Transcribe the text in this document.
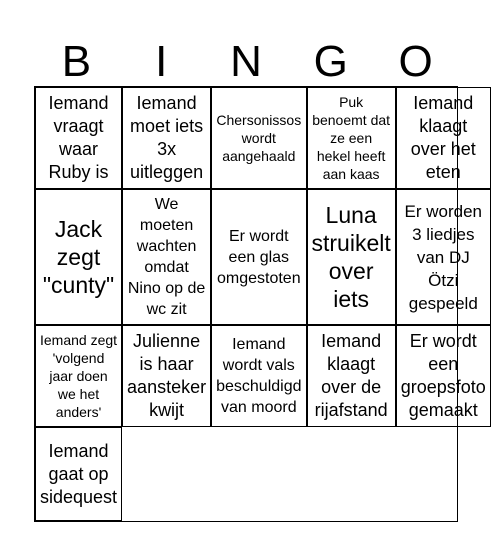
B	I	N	G	O
Iemand vraagt waar Ruby is
Iemand moet iets 3x uitleggen
Chersonissos wordt aangehaald
Puk benoemt dat ze een hekel heeft aan kaas
Iemand klaagt over het eten
Jack zegt "cunty"
We moeten wachten omdat Nino op de wc zit
Er wordt een glas omgestoten
Luna struikelt over iets
Er worden 3 liedjes van DJ Ötzi gespeeld
Iemand zegt 'volgend jaar doen we het anders'
Julienne is haar aansteker kwijt
Iemand wordt vals beschuldigd van moord
Iemand klaagt over de rijafstand
Er wordt een groepsfoto gemaakt
Iemand gaat op sidequest
